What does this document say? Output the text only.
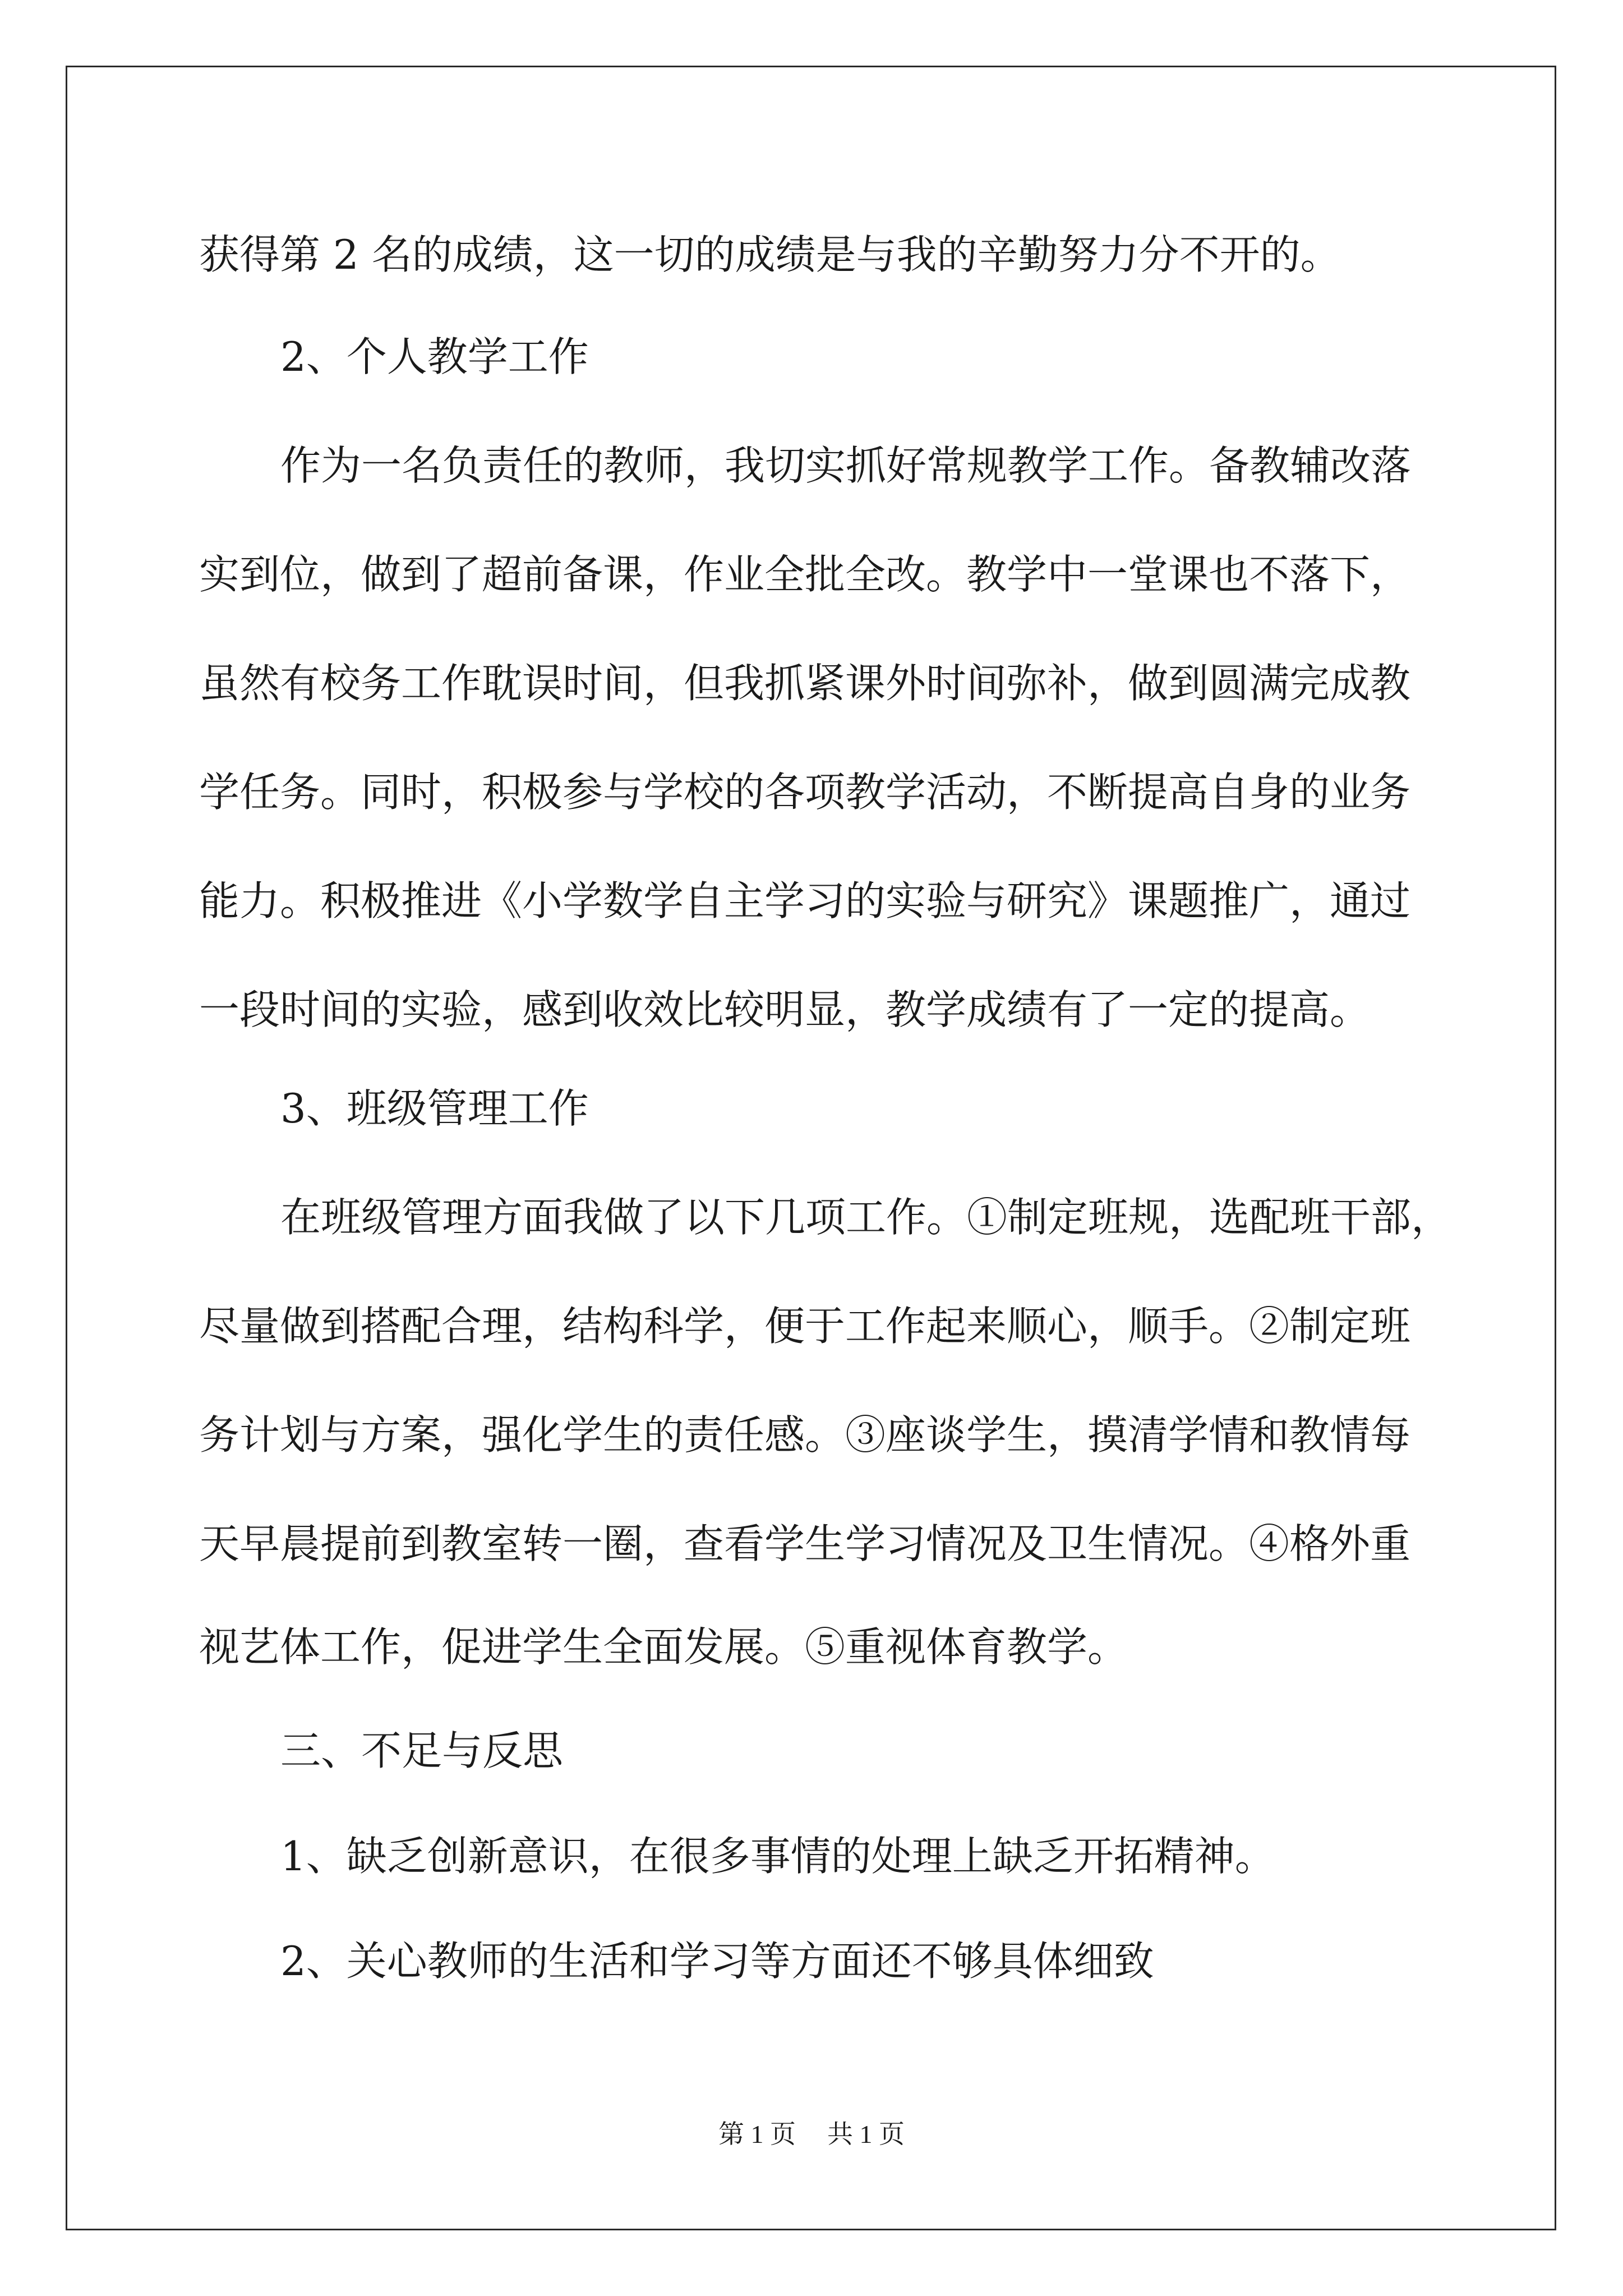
获得第 2 名的成绩，这一切的成绩是与我的辛勤努力分不开的。
2、个人教学工作
作为一名负责任的教师，我切实抓好常规教学工作。备教辅改落
实到位，做到了超前备课，作业全批全改。教学中一堂课也不落下，
虽然有校务工作耽误时间，但我抓紧课外时间弥补，做到圆满完成教
学任务。同时，积极参与学校的各项教学活动，不断提高自身的业务
能力。积极推进《小学数学自主学习的实验与研究》课题推广，通过
一段时间的实验，感到收效比较明显，教学成绩有了一定的提高。
3、班级管理工作
在班级管理方面我做了以下几项工作。①制定班规，选配班干部，
尽量做到搭配合理，结构科学，便于工作起来顺心，顺手。②制定班
务计划与方案，强化学生的责任感。③座谈学生，摸清学情和教情每
天早晨提前到教室转一圈，查看学生学习情况及卫生情况。④格外重
视艺体工作，促进学生全面发展。⑤重视体育教学。
三、不足与反思
1、缺乏创新意识，在很多事情的处理上缺乏开拓精神。
2、关心教师的生活和学习等方面还不够具体细致
第 1 页 共 1 页
